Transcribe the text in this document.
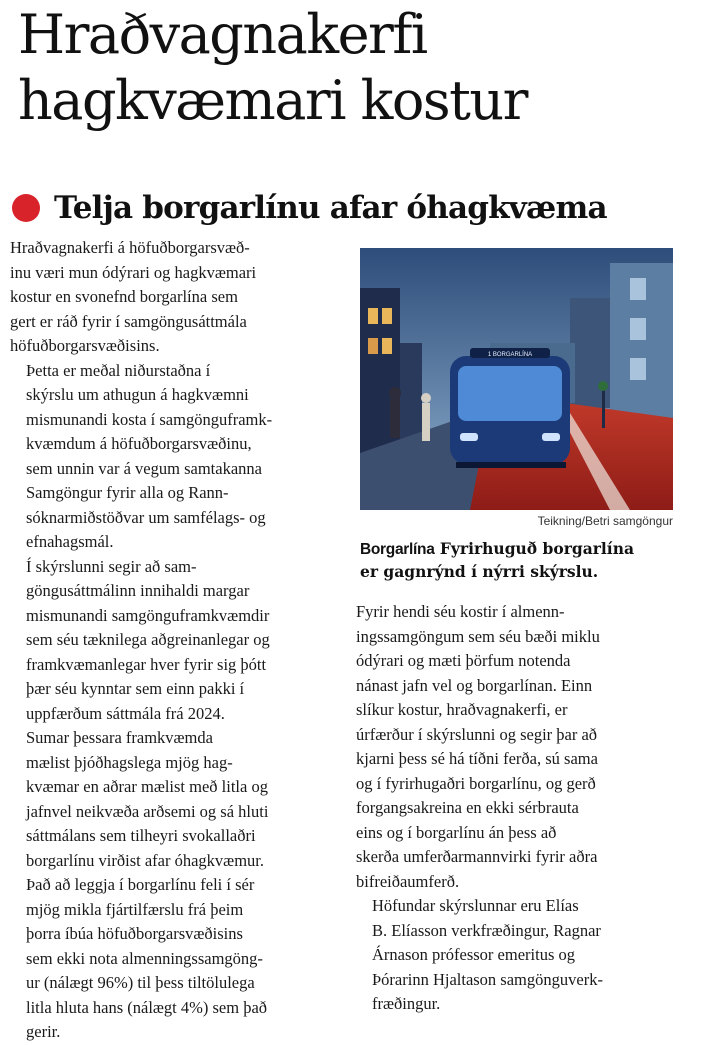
Hraðvagnakerfi
hagkvæmari kostur
Telja borgarlínu afar óhagkvæma

Hraðvagnakerfi á höfuðborgarsvæð-
inu væri mun ódýrari og hagkvæmari
kostur en svonefnd borgarlína sem
gert er ráð fyrir í samgöngusáttmála
höfuðborgarsvæðisins.

Þetta er meðal niðurstaðna í
skýrslu um athugun á hagkvæmni
mismunandi kosta í samgönguframk-
kvæmdum á höfuðborgarsvæðinu,
sem unnin var á vegum samtakanna
Samgöngur fyrir alla og Rann-
sóknarmiðstöðvar um samfélags- og
efnahagsmál.

Í skýrslunni segir að sam-
göngusáttmálinn innihaldi margar
mismunandi samgönguframkvæmdir
sem séu tæknilega aðgreinanlegar og
framkvæmanlegar hver fyrir sig þótt
þær séu kynntar sem einn pakki í
uppfærðum sáttmála frá 2024.

Sumar þessara framkvæmda
mælist þjóðhagslega mjög hag-
kvæmar en aðrar mælist með litla og
jafnvel neikvæða arðsemi og sá hluti
sáttmálans sem tilheyri svokallaðri
borgarlínu virðist afar óhagkvæmur.
Það að leggja í borgarlínu feli í sér
mjög mikla fjártilfærslu frá þeim
þorra íbúa höfuðborgarsvæðisins
sem ekki nota almenningssamgöng-
ur (nálægt 96%) til þess tiltölulega
litla hluta hans (nálægt 4%) sem það
gerir.

1 BORGARLÍNA
Teikning/Betri samgöngur
Borgarlína Fyrirhuguð borgarlína
er gagnrýnd í nýrri skýrslu.

Fyrir hendi séu kostir í almenn-
ingssamgöngum sem séu bæði miklu
ódýrari og mæti þörfum notenda
nánast jafn vel og borgarlínan. Einn
slíkur kostur, hraðvagnakerfi, er
úrfærður í skýrslunni og segir þar að
kjarni þess sé há tíðni ferða, sú sama
og í fyrirhugaðri borgarlínu, og gerð
forgangsakreina en ekki sérbrauta
eins og í borgarlínu án þess að
skerða umferðarmannvirki fyrir aðra
bifreiðaumferð.

Höfundar skýrslunnar eru Elías
B. Elíasson verkfræðingur, Ragnar
Árnason prófessor emeritus og
Þórarinn Hjaltason samgönguverk-
fræðingur.
